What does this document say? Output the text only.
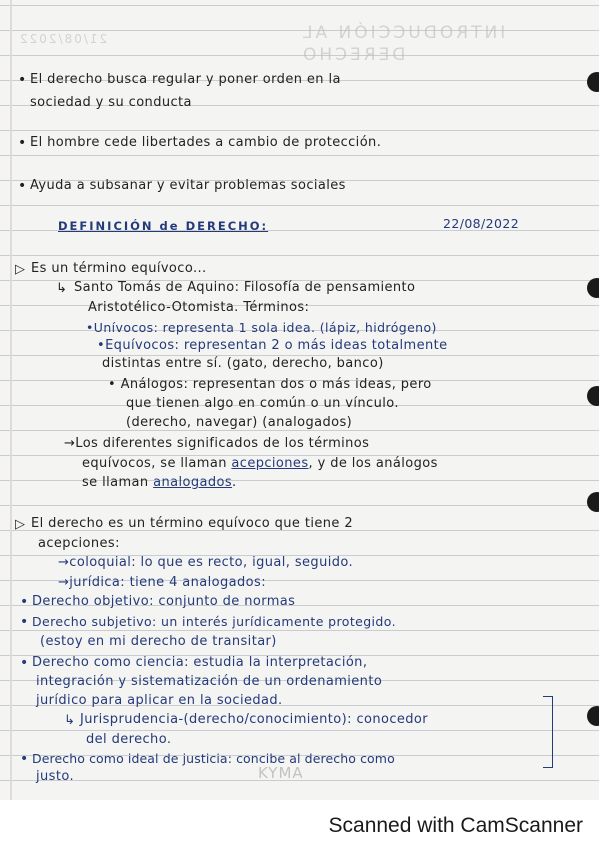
INTRODUCCIÓN AL DERECHO
21/08/2022
• El derecho busca regular y poner orden en la
sociedad y su conducta
• El hombre cede libertades a cambio de protección.
• Ayuda a subsanar y evitar problemas sociales
DEFINICIÓN de DERECHO:	22/08/2022
▷ Es un término equívoco...
↳ Santo Tomás de Aquino: Filosofía de pensamiento
Aristotélico-Otomista. Términos:
•Unívocos: representa 1 sola idea. (lápiz, hidrógeno)
•Equívocos: representan 2 o más ideas totalmente
distintas entre sí. (gato, derecho, banco)
• Análogos: representan dos o más ideas, pero
que tienen algo en común o un vínculo.
(derecho, navegar) (analogados)
→Los diferentes significados de los términos
equívocos, se llaman acepciones, y de los análogos
se llaman analogados.
▷ El derecho es un término equívoco que tiene 2
acepciones:
→coloquial: lo que es recto, igual, seguido.
→jurídica: tiene 4 analogados:
• Derecho objetivo: conjunto de normas
• Derecho subjetivo: un interés jurídicamente protegido.
(estoy en mi derecho de transitar)
• Derecho como ciencia: estudia la interpretación,
integración y sistematización de un ordenamiento
jurídico para aplicar en la sociedad.
↳ Jurisprudencia-(derecho/conocimiento): conocedor
del derecho.
• Derecho como ideal de justicia: concibe al derecho como
justo.	KYMA
Scanned with CamScanner
